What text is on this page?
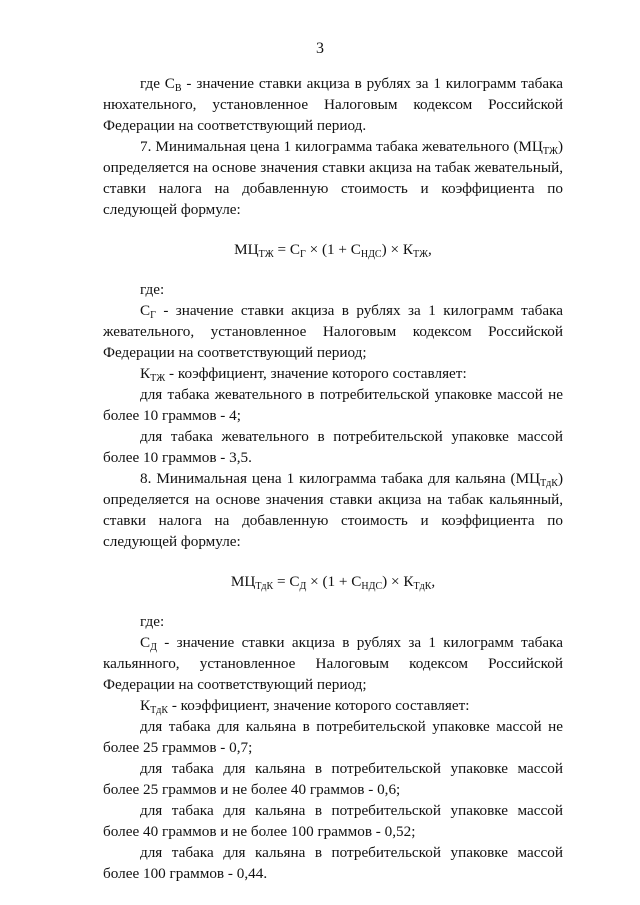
3

где $С_В$ - значение ставки акциза в рублях за 1 килограмм табака нюхательного, установленное Налоговым кодексом Российской Федерации на соответствующий период.

7. Минимальная цена 1 килограмма табака жевательного $(МЦ_{ТЖ})$ определяется на основе значения ставки акциза на табак жевательный, ставки налога на добавленную стоимость и коэффициента по следующей формуле:

$МЦ_{ТЖ} = С_Г \times (1 + С_{НДС}) \times К_{ТЖ}$,

где:

$С_Г$ - значение ставки акциза в рублях за 1 килограмм табака жевательного, установленное Налоговым кодексом Российской Федерации на соответствующий период;

$К_{ТЖ}$ - коэффициент, значение которого составляет:

для табака жевательного в потребительской упаковке массой не более 10 граммов - 4;

для табака жевательного в потребительской упаковке массой более 10 граммов - 3,5.

8. Минимальная цена 1 килограмма табака для кальяна $(МЦ_{ТдК})$ определяется на основе значения ставки акциза на табак кальянный, ставки налога на добавленную стоимость и коэффициента по следующей формуле:

$МЦ_{ТдК} = С_Д \times (1 + С_{НДС}) \times К_{ТдК}$,

где:

$С_Д$ - значение ставки акциза в рублях за 1 килограмм табака кальянного, установленное Налоговым кодексом Российской Федерации на соответствующий период;

$К_{ТдК}$ - коэффициент, значение которого составляет:

для табака для кальяна в потребительской упаковке массой не более 25 граммов - 0,7;

для табака для кальяна в потребительской упаковке массой более 25 граммов и не более 40 граммов - 0,6;

для табака для кальяна в потребительской упаковке массой более 40 граммов и не более 100 граммов - 0,52;

для табака для кальяна в потребительской упаковке массой более 100 граммов - 0,44.
